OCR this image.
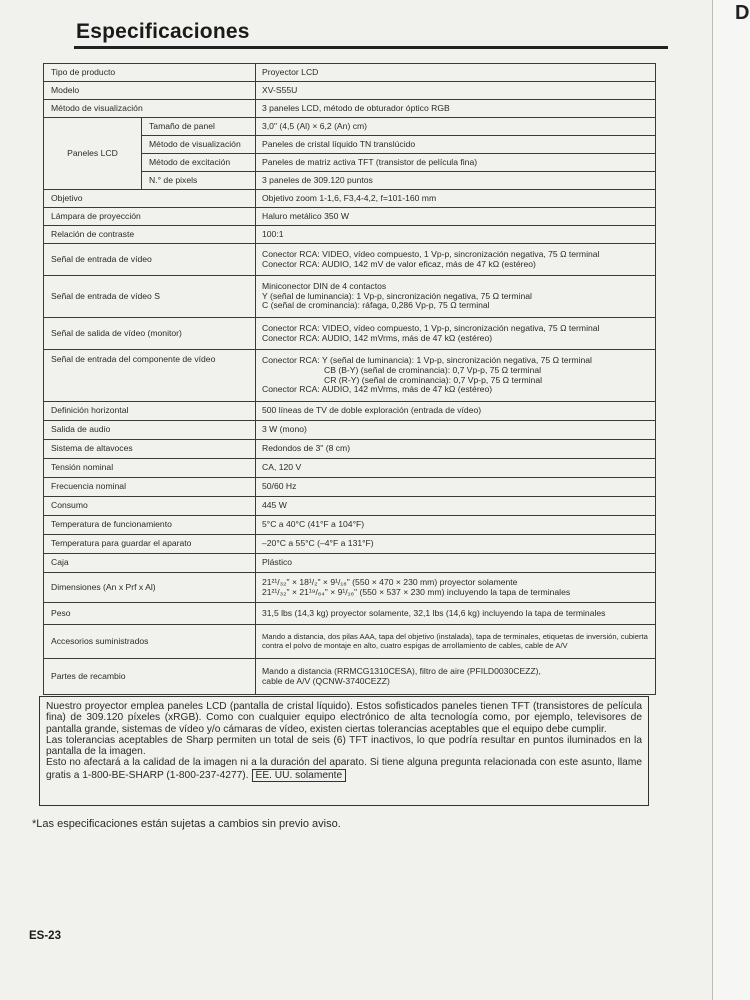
Especificaciones
Tipo de producto		Proyector LCD
Modelo		XV-S55U
Método de visualización		3 paneles LCD, método de obturador óptico RGB
Paneles LCD	Tamaño de panel	3,0" (4,5 (Al) × 6,2 (An) cm)
	Método de visualización	Paneles de cristal líquido TN translúcido
	Método de excitación	Paneles de matriz activa TFT (transistor de película fina)
	N.° de pixels	3 paneles de 309.120 puntos
Objetivo		Objetivo zoom 1-1,6, F3,4-4,2, f=101-160 mm
Lámpara de proyección		Haluro metálico 350 W
Relación de contraste		100:1
Señal de entrada de vídeo		Conector RCA: VIDEO, vídeo compuesto, 1 Vp-p, sincronización negativa, 75 Ω terminal
Conector RCA: AUDIO, 142 mV de valor eficaz, más de 47 kΩ (estéreo)

Señal de entrada de vídeo S		Miniconector DIN de 4 contactos
Y (señal de luminancia): 1 Vp-p, sincronización negativa, 75 Ω terminal
C (señal de crominancia): ráfaga, 0,286 Vp-p, 75 Ω terminal

Señal de salida de vídeo (monitor)		Conector RCA: VIDEO, vídeo compuesto, 1 Vp-p, sincronización negativa, 75 Ω terminal
Conector RCA: AUDIO, 142 mVrms, más de 47 kΩ (estéreo)

Señal de entrada del componente de vídeo		Conector RCA: Y (señal de luminancia): 1 Vp-p, sincronización negativa, 75 Ω terminal
CB (B-Y) (señal de crominancia): 0,7 Vp-p, 75 Ω terminal
CR (R-Y) (señal de crominancia): 0,7 Vp-p, 75 Ω terminal
Conector RCA: AUDIO, 142 mVrms, más de 47 kΩ (estéreo)

Definición horizontal		500 líneas de TV de doble exploración (entrada de vídeo)
Salida de audio		3 W (mono)
Sistema de altavoces		Redondos de 3" (8 cm)
Tensión nominal		CA, 120 V
Frecuencia nominal		50/60 Hz
Consumo		445 W
Temperatura de funcionamiento		5°C a 40°C (41°F a 104°F)
Temperatura para guardar el aparato		–20°C a 55°C (–4°F a 131°F)
Caja		Plástico
Dimensiones (An x Prf x Al)		21²¹/₃₂" × 18¹/₂" × 9¹/₁₆" (550 × 470 × 230 mm) proyector solamente
21²¹/₃₂" × 21¹⁹/₆₄" × 9¹/₁₆" (550 × 537 × 230 mm) incluyendo la tapa de terminales

Peso		31,5 lbs (14,3 kg) proyector solamente, 32,1 lbs (14,6 kg) incluyendo la tapa de terminales
Accesorios suministrados		Mando a distancia, dos pilas AAA, tapa del objetivo (instalada), tapa de terminales, etiquetas de inversión, cubierta contra el polvo de montaje en alto, cuatro espigas de arrollamiento de cables, cable de A/V
Partes de recambio		Mando a distancia (RRMCG1310CESA), filtro de aire (PFILD0030CEZZ),
cable de A/V (QCNW-3740CEZZ)

Nuestro proyector emplea paneles LCD (pantalla de cristal líquido). Estos sofisticados paneles tienen TFT (transistores de película fina) de 309.120 píxeles (xRGB). Como con cualquier equipo electrónico de alta tecnología como, por ejemplo, televisores de pantalla grande, sistemas de vídeo y/o cámaras de vídeo, existen ciertas tolerancias aceptables que el equipo debe cumplir.

Las tolerancias aceptables de Sharp permiten un total de seis (6) TFT inactivos, lo que podría resultar en puntos iluminados en la pantalla de la imagen.

Esto no afectará a la calidad de la imagen ni a la duración del aparato. Si tiene alguna pregunta relacionada con este asunto, llame gratis a 1-800-BE-SHARP (1-800-237-4277). EE. UU. solamente

*Las especificaciones están sujetas a cambios sin previo aviso.
ES-23
D
